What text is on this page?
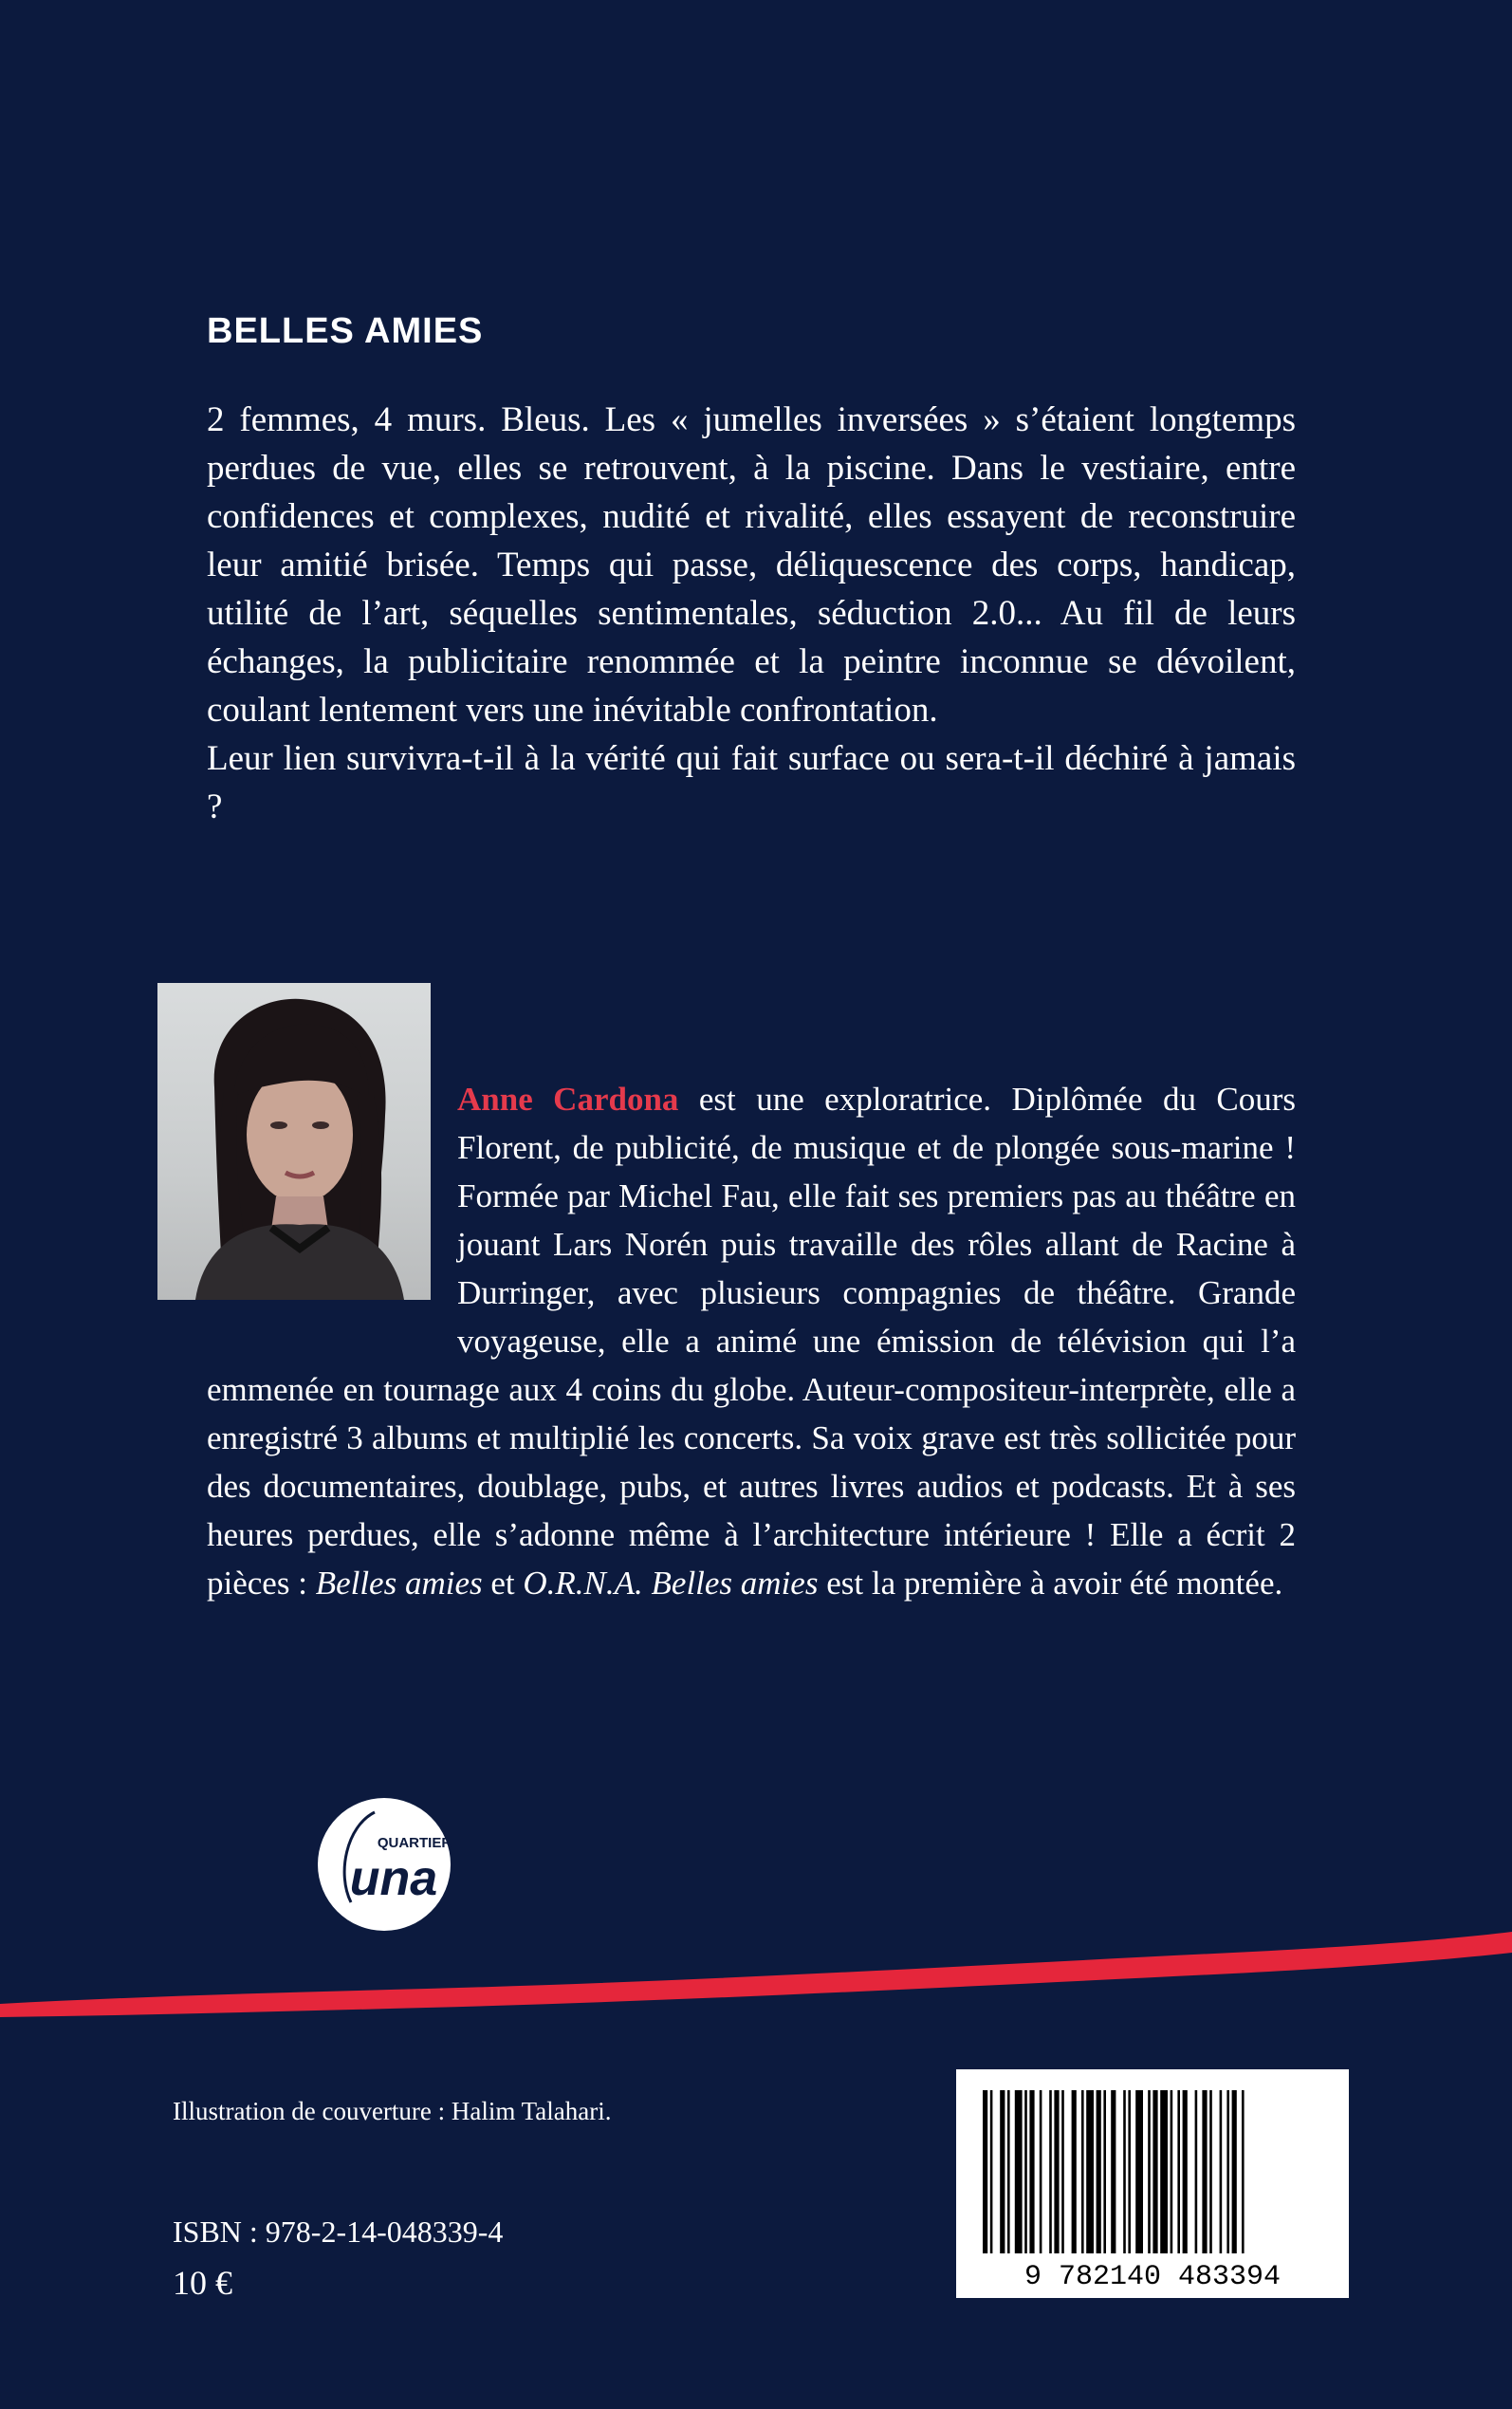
BELLES AMIES

2 femmes, 4 murs. Bleus. Les « jumelles inversées » s’étaient longtemps perdues de vue, elles se retrouvent, à la piscine. Dans le vestiaire, entre confidences et complexes, nudité et rivalité, elles essayent de reconstruire leur amitié brisée. Temps qui passe, déliquescence des corps, handicap, utilité de l’art, séquelles sentimentales, séduction 2.0... Au fil de leurs échanges, la publicitaire renommée et la peintre inconnue se dévoilent, coulant lentement vers une inévitable confrontation.

Leur lien survivra-t-il à la vérité qui fait surface ou sera-t-il déchiré à jamais ?

Anne Cardona est une exploratrice. Diplômée du Cours Florent, de publicité, de musique et de plongée sous-marine ! Formée par Michel Fau, elle fait ses premiers pas au théâtre en jouant Lars Norén puis travaille des rôles allant de Racine à Durringer, avec plusieurs compagnies de théâtre. Grande voyageuse, elle a animé une émission de télévision qui l’a emmenée en tournage aux 4 coins du globe. Auteur-compositeur-interprète, elle a enregistré 3 albums et multiplié les concerts. Sa voix grave est très sollicitée pour des documentaires, doublage, pubs, et autres livres audios et podcasts. Et à ses heures perdues, elle s’adonne même à l’architecture intérieure ! Elle a écrit 2 pièces : Belles amies et O.R.N.A. Belles amies est la première à avoir été montée.

QUARTIER
una

Illustration de couverture : Halim Talahari.

ISBN : 978-2-14-048339-4

10 €	9 782140 483394
